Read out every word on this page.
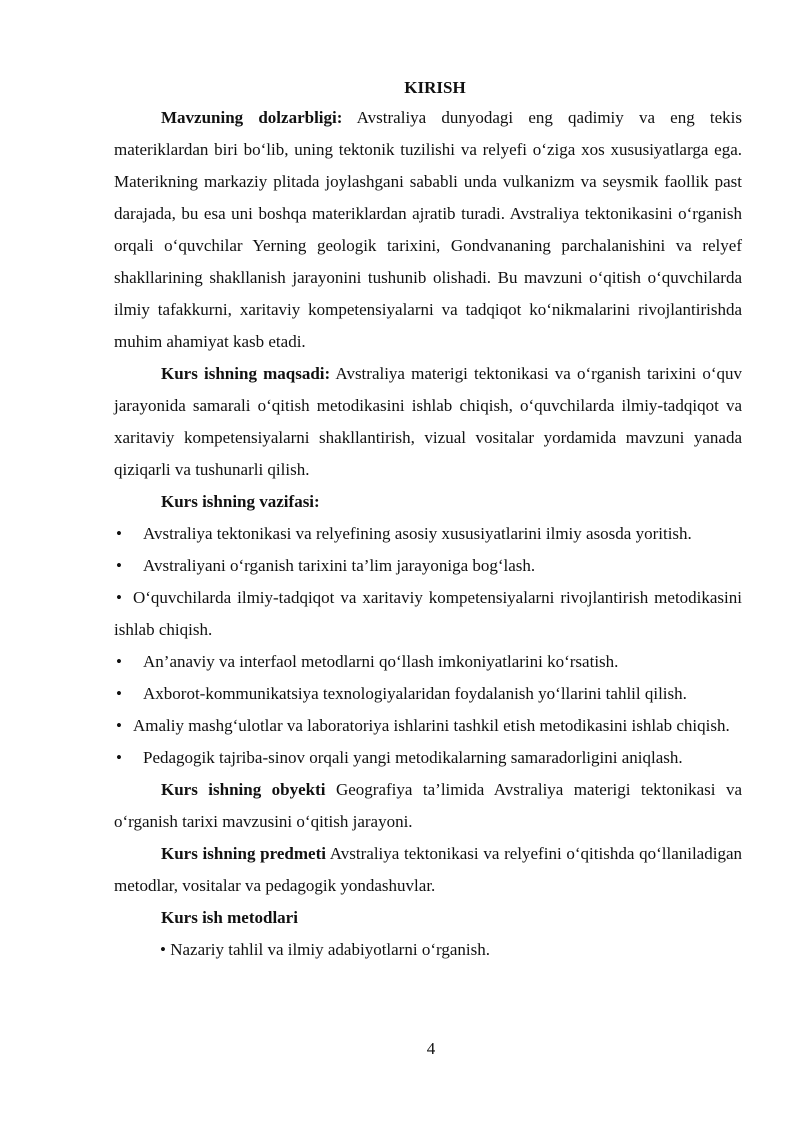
KIRISH

Mavzuning dolzarbligi: Avstraliya dunyodagi eng qadimiy va eng tekis materiklardan biri bo‘lib, uning tektonik tuzilishi va relyefi o‘ziga xos xususiyatlarga ega. Materikning markaziy plitada joylashgani sababli unda vulkanizm va seysmik faollik past darajada, bu esa uni boshqa materiklardan ajratib turadi. Avstraliya tektonikasini o‘rganish orqali o‘quvchilar Yerning geologik tarixini, Gondvananing parchalanishini va relyef shakllarining shakllanish jarayonini tushunib olishadi. Bu mavzuni o‘qitish o‘quvchilarda ilmiy tafakkurni, xaritaviy kompetensiyalarni va tadqiqot ko‘nikmalarini rivojlantirishda muhim ahamiyat kasb etadi.

Kurs ishning maqsadi: Avstraliya materigi tektonikasi va o‘rganish tarixini o‘quv jarayonida samarali o‘qitish metodikasini ishlab chiqish, o‘quvchilarda ilmiy-tadqiqot va xaritaviy kompetensiyalarni shakllantirish, vizual vositalar yordamida mavzuni yanada qiziqarli va tushunarli qilish.

Kurs ishning vazifasi:

• Avstraliya tektonikasi va relyefining asosiy xususiyatlarini ilmiy asosda yoritish.

• Avstraliyani o‘rganish tarixini ta’lim jarayoniga bog‘lash.

• O‘quvchilarda ilmiy-tadqiqot va xaritaviy kompetensiyalarni rivojlantirish metodikasini ishlab chiqish.

• An’anaviy va interfaol metodlarni qo‘llash imkoniyatlarini ko‘rsatish.

• Axborot-kommunikatsiya texnologiyalaridan foydalanish yo‘llarini tahlil qilish.

• Amaliy mashg‘ulotlar va laboratoriya ishlarini tashkil etish metodikasini ishlab chiqish.

• Pedagogik tajriba-sinov orqali yangi metodikalarning samaradorligini aniqlash.

Kurs ishning obyekti Geografiya ta’limida Avstraliya materigi tektonikasi va o‘rganish tarixi mavzusini o‘qitish jarayoni.

Kurs ishning predmeti Avstraliya tektonikasi va relyefini o‘qitishda qo‘llaniladigan metodlar, vositalar va pedagogik yondashuvlar.

Kurs ish metodlari

• Nazariy tahlil va ilmiy adabiyotlarni o‘rganish.

4
